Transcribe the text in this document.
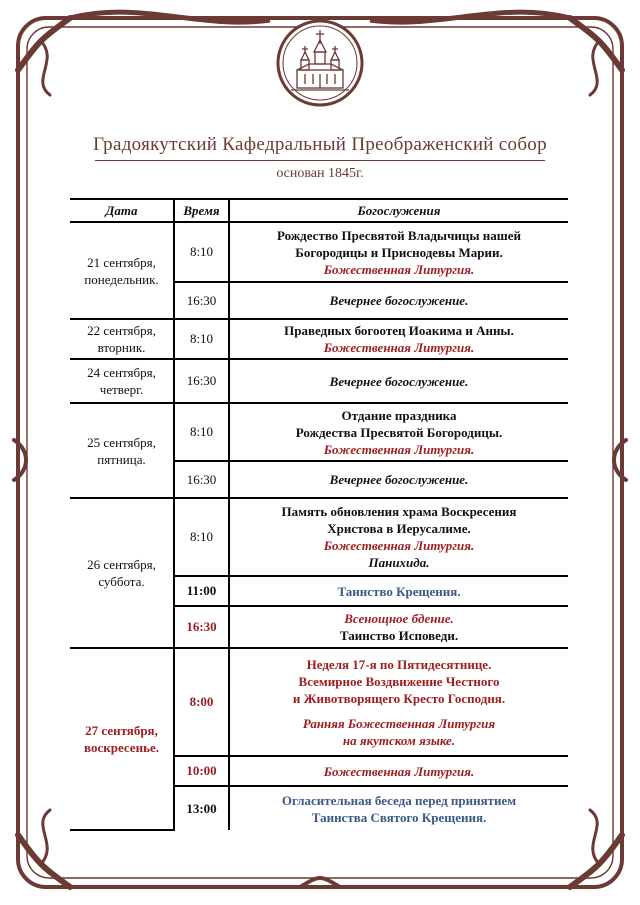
Градоякутский Кафедральный Преображенский собор
основан 1845г.
Дата	Время	Богослужения
21 сентября, понедельник.	8:10	Рождество Пресвятой Владычицы нашей
Богородицы и Приснодевы Марии.
Божественная Литургия.

	16:30	Вечернее богослужение.

22 сентября, вторник.	8:10	Праведных богоотец Иоакима и Анны.
Божественная Литургия.

24 сентября, четверг.	16:30	Вечернее богослужение.

25 сентября, пятница.	8:10	Отдание праздника
Рождества Пресвятой Богородицы.
Божественная Литургия.

	16:30	Вечернее богослужение.

26 сентября, суббота.	8:10	Память обновления храма Воскресения
Христова в Иерусалиме.
Божественная Литургия.
Панихида.

	11:00	Таинство Крещения.

	16:30	Всенощное бдение.
Таинство Исповеди.

27 сентября, воскресенье.	8:00	Неделя 17-я по Пятидесятнице.
Всемирное Воздвижение Честного
и Животворящего Кресто Господня.
Ранняя Божественная Литургия
на якутском языке.

	10:00	Божественная Литургия.

	13:00	Огласительная беседа перед принятием
Таинства Святого Крещения.
